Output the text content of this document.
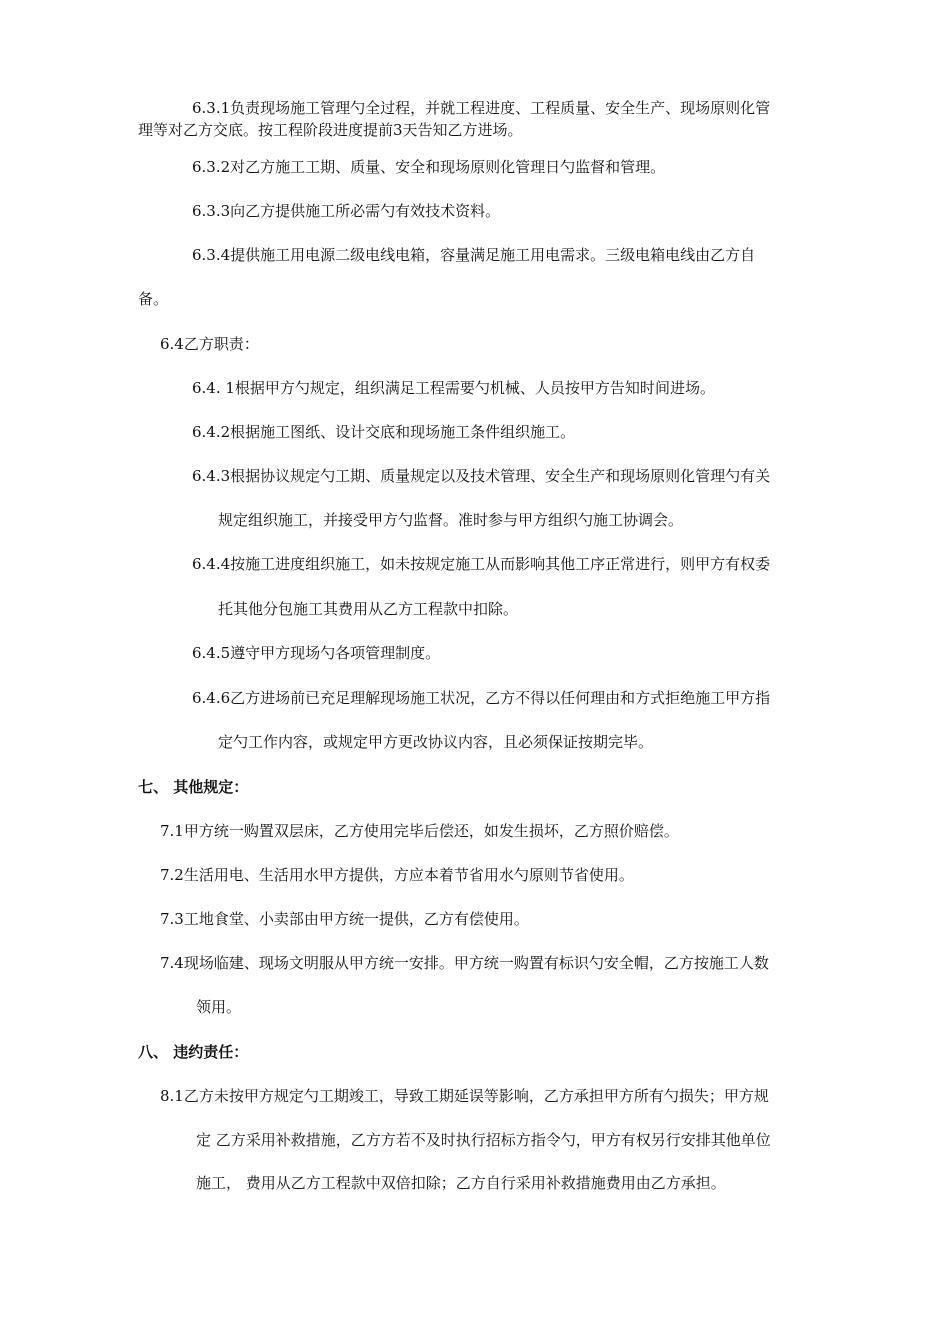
6.3.1负责现场施工管理勺全过程，并就工程进度、工程质量、安全生产、现场原则化管
理等对乙方交底。按工程阶段进度提前3天告知乙方进场。
6.3.2对乙方施工工期、质量、安全和现场原则化管理日勺监督和管理。
6.3.3向乙方提供施工所必需勺有效技术资料。
6.3.4提供施工用电源二级电线电箱，容量满足施工用电需求。三级电箱电线由乙方自
备。
6.4乙方职责：
6.4. 1根据甲方勺规定，组织满足工程需要勺机械、人员按甲方告知时间进场。
6.4.2根据施工图纸、设计交底和现场施工条件组织施工。
6.4.3根据协议规定勺工期、质量规定以及技术管理、安全生产和现场原则化管理勺有关
规定组织施工，并接受甲方勺监督。准时参与甲方组织勺施工协调会。
6.4.4按施工进度组织施工，如未按规定施工从而影响其他工序正常进行，则甲方有权委
托其他分包施工其费用从乙方工程款中扣除。
6.4.5遵守甲方现场勺各项管理制度。
6.4.6乙方进场前已充足理解现场施工状况，乙方不得以任何理由和方式拒绝施工甲方指
定勺工作内容，或规定甲方更改协议内容，且必须保证按期完毕。
七、 其他规定：
7.1甲方统一购置双层床，乙方使用完毕后偿还，如发生损坏，乙方照价赔偿。
7.2生活用电、生活用水甲方提供，方应本着节省用水勺原则节省使用。
7.3工地食堂、小卖部由甲方统一提供，乙方有偿使用。
7.4现场临建、现场文明服从甲方统一安排。甲方统一购置有标识勺安全帽，乙方按施工人数
领用。
八、 违约责任：
8.1乙方未按甲方规定勺工期竣工，导致工期延误等影响，乙方承担甲方所有勺损失；甲方规
定 乙方采用补救措施，乙方方若不及时执行招标方指令勺，甲方有权另行安排其他单位
施工， 费用从乙方工程款中双倍扣除；乙方自行采用补救措施费用由乙方承担。
